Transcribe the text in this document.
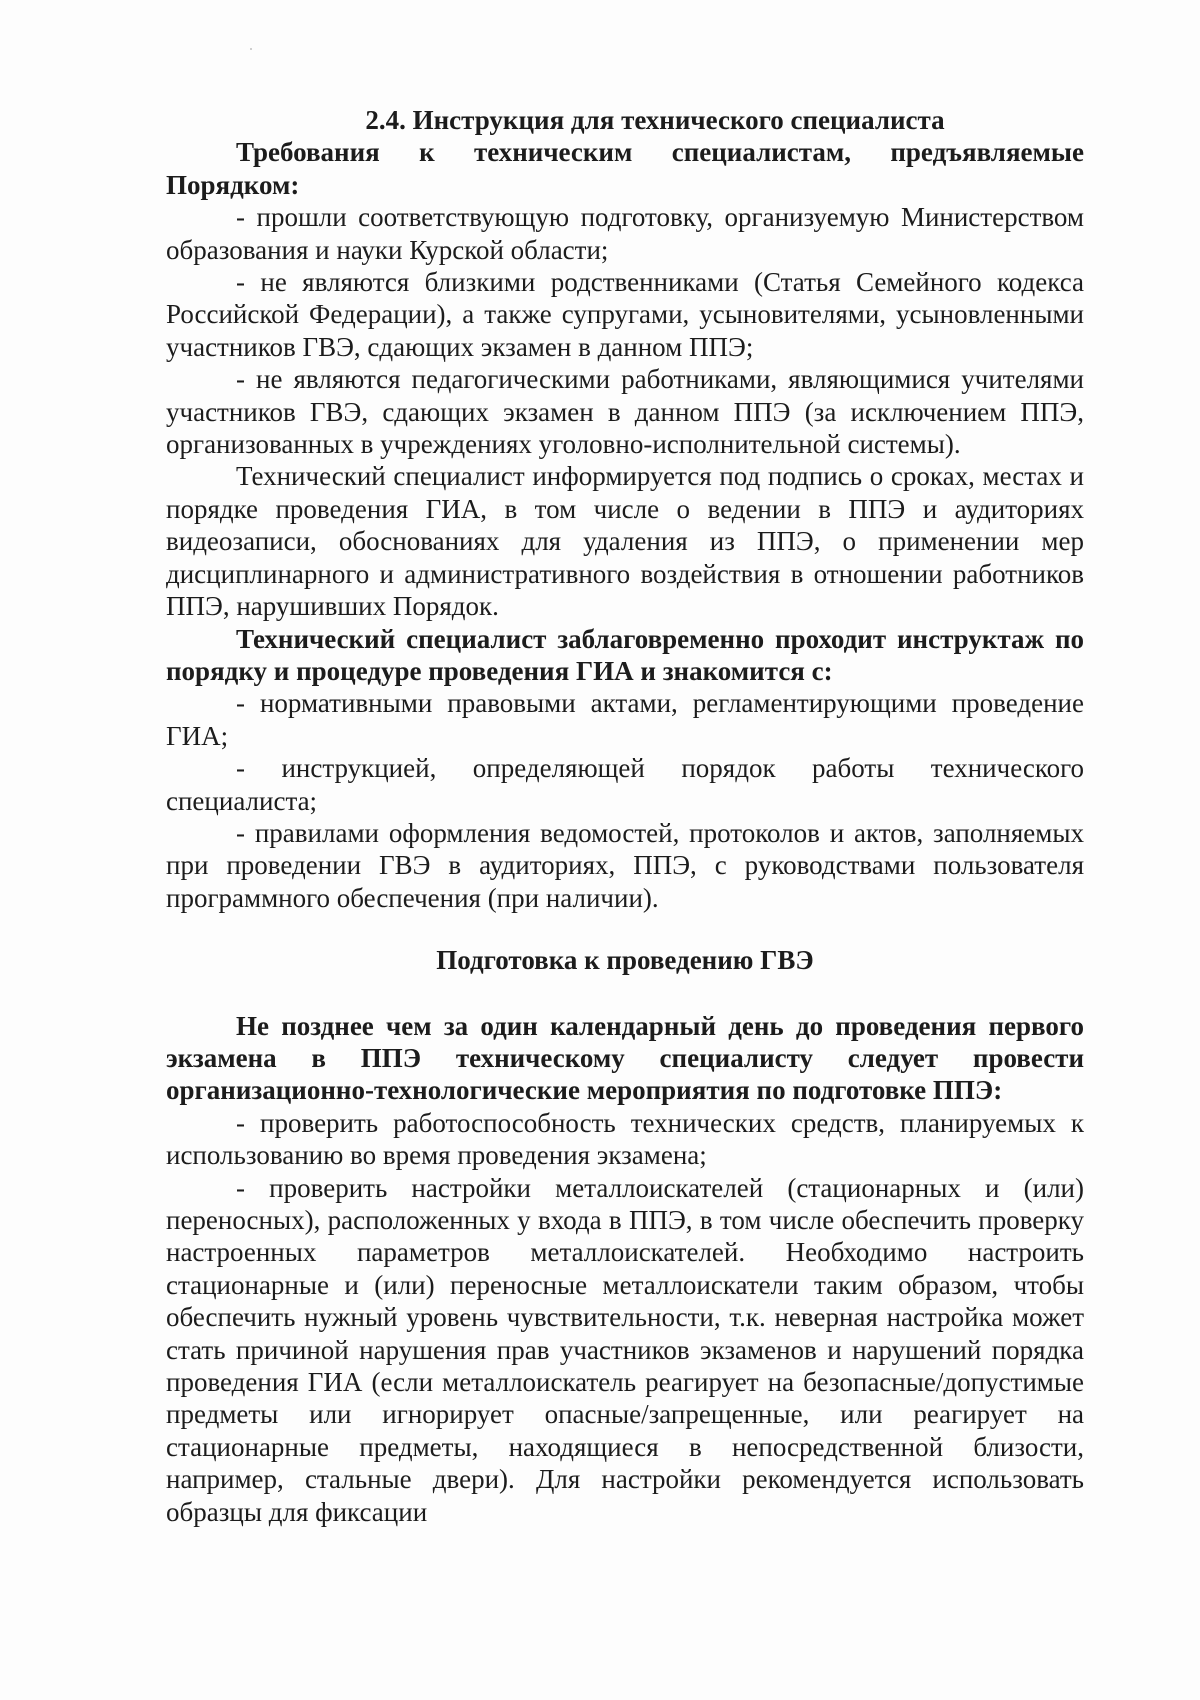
2.4. Инструкция для технического специалиста

Требования к техническим специалистам, предъявляемые Порядком:

- прошли соответствующую подготовку, организуемую Министерством образования и науки Курской области;

- не являются близкими родственниками (Статья Семейного кодекса Российской Федерации), а также супругами, усыновителями, усыновленными участников ГВЭ, сдающих экзамен в данном ППЭ;

- не являются педагогическими работниками, являющимися учителями участников ГВЭ, сдающих экзамен в данном ППЭ (за исключением ППЭ, организованных в учреждениях уголовно-исполнительной системы).

Технический специалист информируется под подпись о сроках, местах и порядке проведения ГИА, в том числе о ведении в ППЭ и аудиториях видеозаписи, обоснованиях для удаления из ППЭ, о применении мер дисциплинарного и административного воздействия в отношении работников ППЭ, нарушивших Порядок.

Технический специалист заблаговременно проходит инструктаж по порядку и процедуре проведения ГИА и знакомится с:

- нормативными правовыми актами, регламентирующими проведение ГИА;

- инструкцией, определяющей порядок работы технического специалиста;

- правилами оформления ведомостей, протоколов и актов, заполняемых при проведении ГВЭ в аудиториях, ППЭ, с руководствами пользователя программного обеспечения (при наличии).

Подготовка к проведению ГВЭ

Не позднее чем за один календарный день до проведения первого экзамена в ППЭ техническому специалисту следует провести организационно-технологические мероприятия по подготовке ППЭ:

- проверить работоспособность технических средств, планируемых к использованию во время проведения экзамена;

- проверить настройки металлоискателей (стационарных и (или) переносных), расположенных у входа в ППЭ, в том числе обеспечить проверку настроенных параметров металлоискателей. Необходимо настроить стационарные и (или) переносные металлоискатели таким образом, чтобы обеспечить нужный уровень чувствительности, т.к. неверная настройка может стать причиной нарушения прав участников экзаменов и нарушений порядка проведения ГИА (если металлоискатель реагирует на безопасные/допустимые предметы или игнорирует опасные/запрещенные, или реагирует на стационарные предметы, находящиеся в непосредственной близости, например, стальные двери). Для настройки рекомендуется использовать образцы для фиксации
